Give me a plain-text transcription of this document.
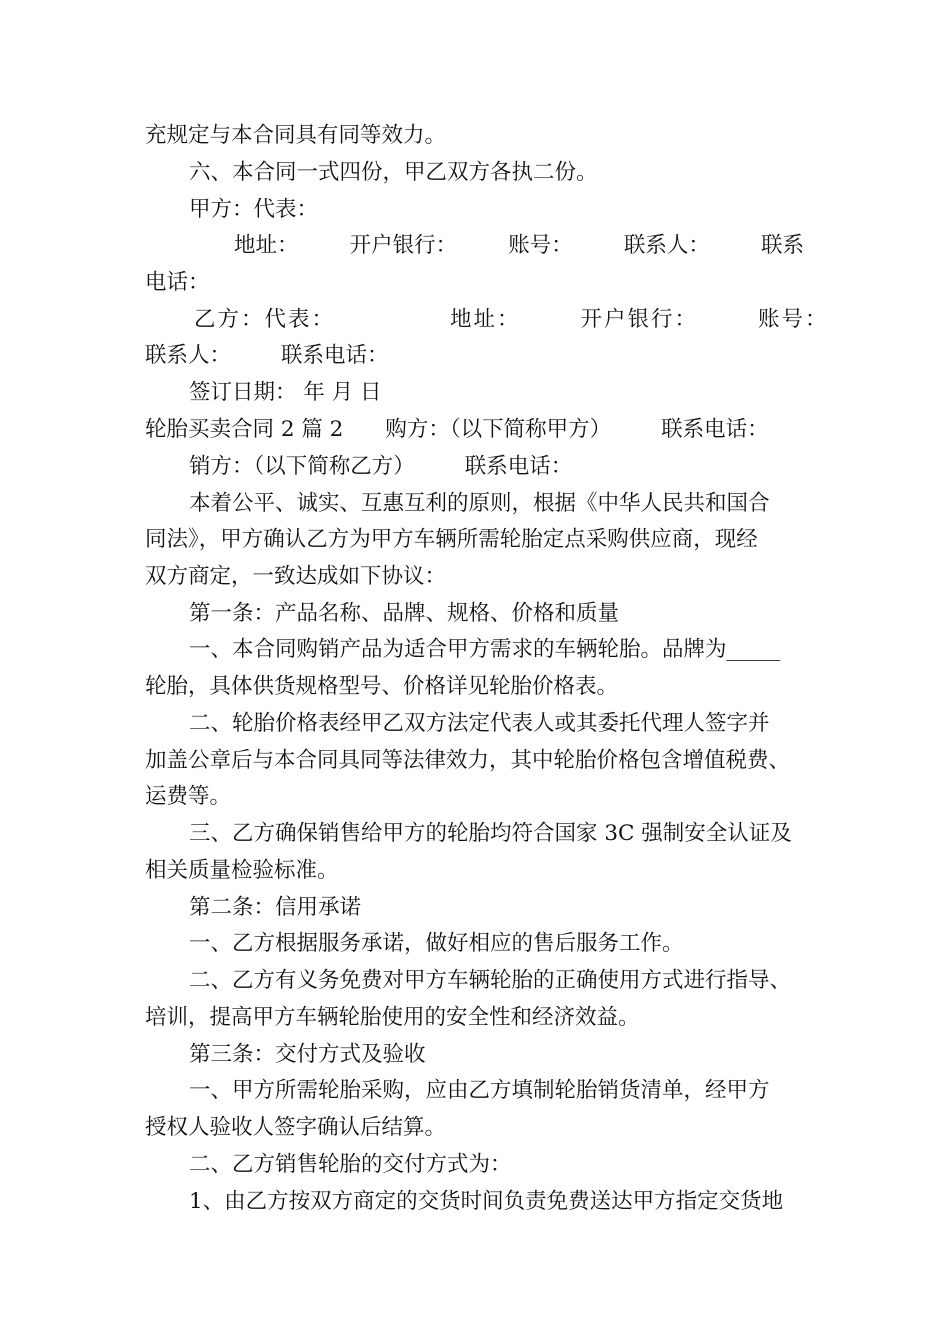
充规定与本合同具有同等效力。
六、本合同一式四份，甲乙双方各执二份。
甲方：代表：
地址： 开户银行： 账号： 联系人： 联系
电话：
乙方：代表：	地址：	开户银行：	账号：
联系人： 联系电话：
签订日期： 年 月 日
轮胎买卖合同 2 篇 2 购方：（以下简称甲方） 联系电话：
销方：（以下简称乙方） 联系电话：
本着公平、诚实、互惠互利的原则，根据《中华人民共和国合
同法》，甲方确认乙方为甲方车辆所需轮胎定点采购供应商，现经
双方商定，一致达成如下协议：
第一条：产品名称、品牌、规格、价格和质量
一、本合同购销产品为适合甲方需求的车辆轮胎。品牌为_____
轮胎，具体供货规格型号、价格详见轮胎价格表。
二、轮胎价格表经甲乙双方法定代表人或其委托代理人签字并
加盖公章后与本合同具同等法律效力，其中轮胎价格包含增值税费、
运费等。
三、乙方确保销售给甲方的轮胎均符合国家 3C 强制安全认证及
相关质量检验标准。
第二条：信用承诺
一、乙方根据服务承诺，做好相应的售后服务工作。
二、乙方有义务免费对甲方车辆轮胎的正确使用方式进行指导、
培训，提高甲方车辆轮胎使用的安全性和经济效益。
第三条：交付方式及验收
一、甲方所需轮胎采购，应由乙方填制轮胎销货清单，经甲方
授权人验收人签字确认后结算。
二、乙方销售轮胎的交付方式为：
1、由乙方按双方商定的交货时间负责免费送达甲方指定交货地
